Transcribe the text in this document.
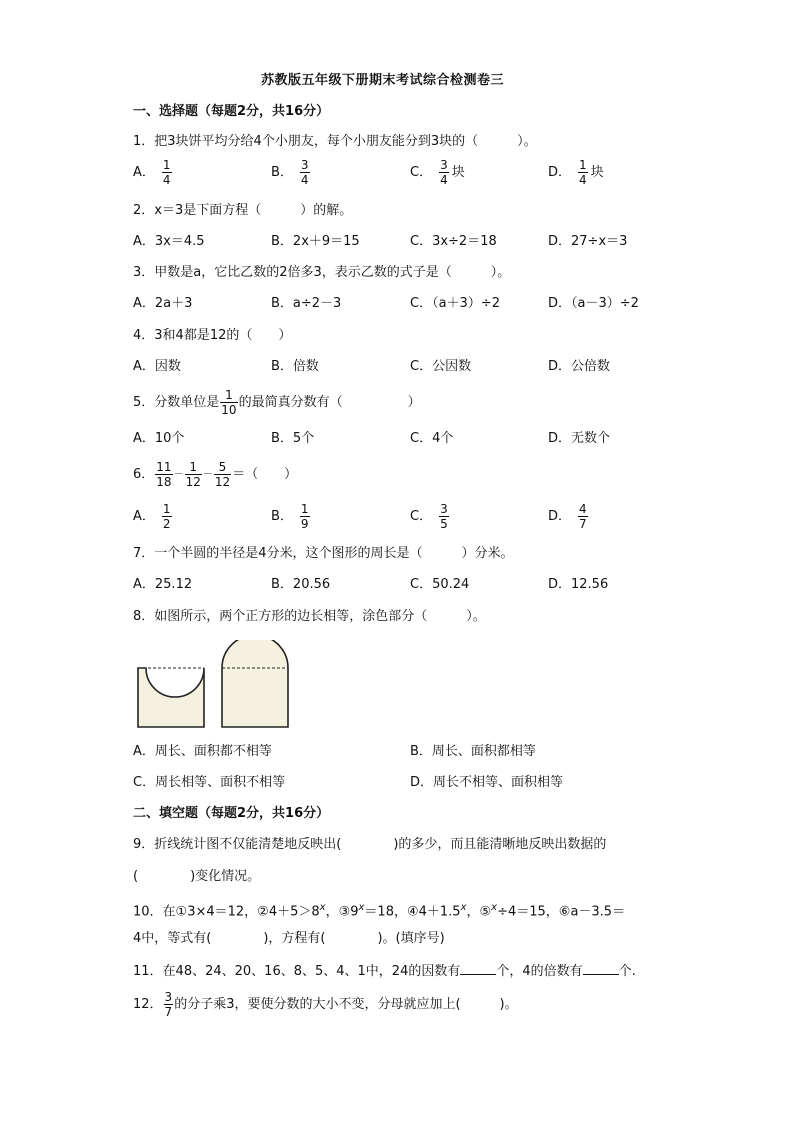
苏教版五年级下册期末考试综合检测卷三
一、选择题（每题2分，共16分）
1．把3块饼平均分给4个小朋友，每个小朋友能分到3块的（　　　）。
A． $\frac{1}{4}$	B． $\frac{3}{4}$	C． $\frac{3}{4}$ 块	D． $\frac{1}{4}$ 块
2．x＝3是下面方程（　　　）的解。
A．3x＝4.5	B．2x＋9＝15	C．3x÷2＝18	D．27÷x＝3
3．甲数是a，它比乙数的2倍多3，表示乙数的式子是（　　　）。
A．2a＋3	B．a÷2－3	C．（a＋3）÷2	D．（a－3）÷2
4．3和4都是12的（　　）
A．因数	B．倍数	C．公因数	D．公倍数
5．分数单位是 $\frac{1}{10}$ 的最简真分数有（　　　　　）
A．10个	B．5个	C．4个	D．无数个
6． $\frac{11}{18} - \frac{1}{12} - \frac{5}{12}$ ＝（　　）
A． $\frac{1}{2}$	B． $\frac{1}{9}$	C． $\frac{3}{5}$	D． $\frac{4}{7}$
7．一个半圆的半径是4分米，这个图形的周长是（　　　）分米。
A．25.12	B．20.56	C．50.24	D．12.56
8．如图所示，两个正方形的边长相等，涂色部分（　　　）。
A．周长、面积都不相等	B．周长、面积都相等
C．周长相等、面积不相等	D．周长不相等、面积相等
二、填空题（每题2分，共16分）
9．折线统计图不仅能清楚地反映出(　　　　)的多少，而且能清晰地反映出数据的
(　　　　)变化情况。
10．在①3×4＝12，$②4+5>8^x$，$③9^x=18$，$④4+1.5^x$，⑤$^x$÷4＝15，⑥a－3.5＝
4中，等式有(　　　　)，方程有(　　　　)。(填序号)
11．在48、24、20、16、8、5、4、1中，24的因数有	个，4的倍数有	个.
12． $\frac{3}{7}$ 的分子乘3，要使分数的大小不变，分母就应加上(　　　)。
